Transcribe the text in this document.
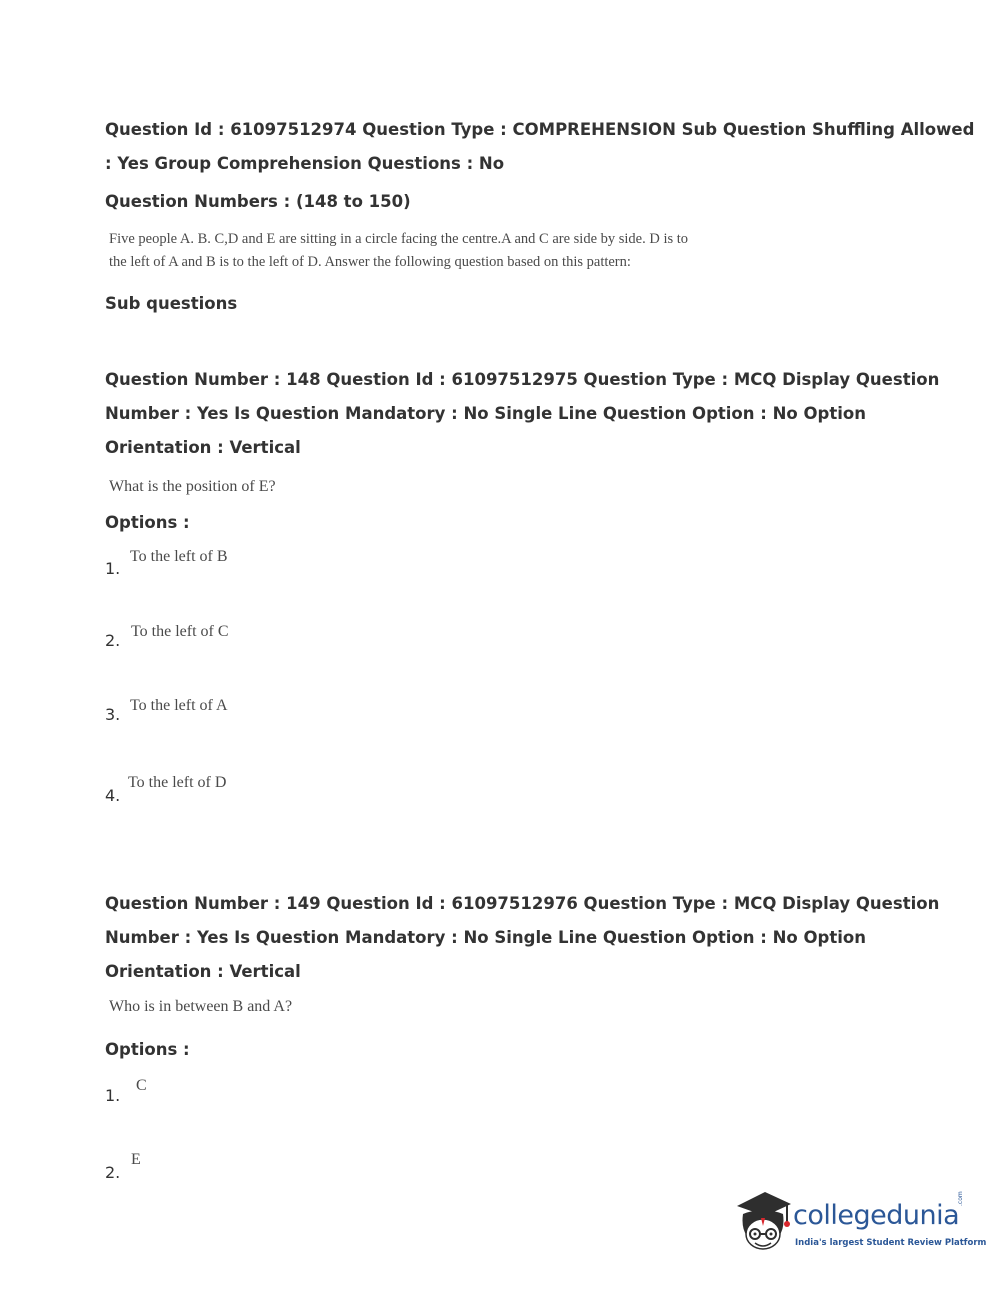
Question Id : 61097512974 Question Type : COMPREHENSION Sub Question Shuffling Allowed
: Yes Group Comprehension Questions : No
Question Numbers : (148 to 150)
Five people A. B. C,D and E are sitting in a circle facing the centre.A and C are side by side. D is to
the left of A and B is to the left of D. Answer the following question based on this pattern:
Sub questions
Question Number : 148 Question Id : 61097512975 Question Type : MCQ Display Question
Number : Yes Is Question Mandatory : No Single Line Question Option : No Option
Orientation : Vertical
What is the position of E?
Options :
1.
To the left of B
2. To the left of C
3. To the left of A
4.
To the left of D
Question Number : 149 Question Id : 61097512976 Question Type : MCQ Display Question
Number : Yes Is Question Mandatory : No Single Line Question Option : No Option
Orientation : Vertical
Who is in between B and A?
Options :
1.
C
2.
E
collegedunia
.com
India's largest Student Review Platform
